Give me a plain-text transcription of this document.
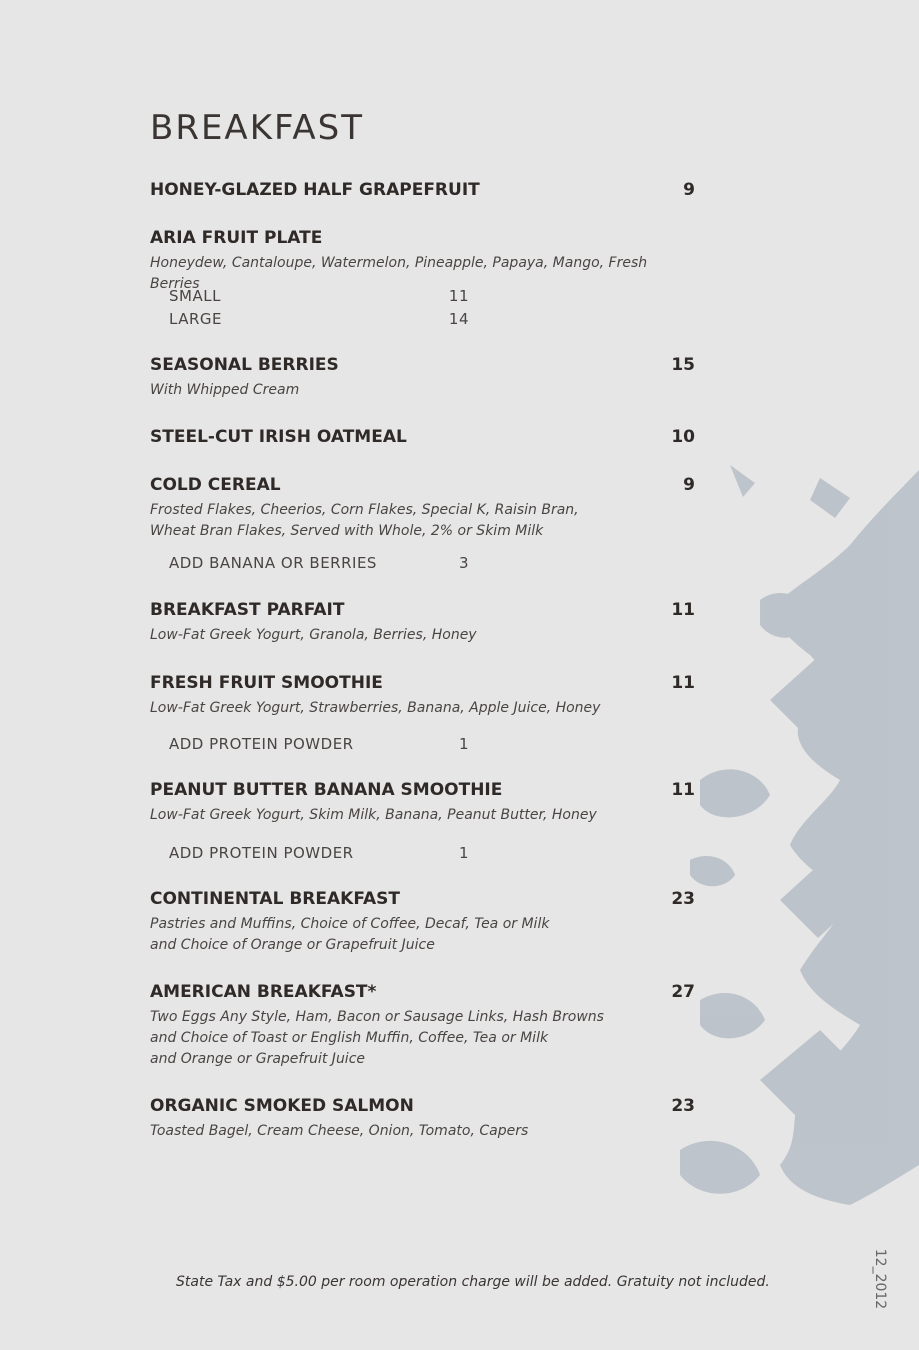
BREAKFAST
HONEY-GLAZED HALF GRAPEFRUIT	9
ARIA FRUIT PLATE
Honeydew, Cantaloupe, Watermelon, Pineapple, Papaya, Mango, Fresh Berries
SMALL	11
LARGE	14
SEASONAL BERRIES	15
With Whipped Cream
STEEL-CUT IRISH OATMEAL	10
COLD CEREAL	9
Frosted Flakes, Cheerios, Corn Flakes, Special K, Raisin Bran,
Wheat Bran Flakes, Served with Whole, 2% or Skim Milk
ADD BANANA OR BERRIES	3
BREAKFAST PARFAIT	11
Low-Fat Greek Yogurt, Granola, Berries, Honey
FRESH FRUIT SMOOTHIE	11
Low-Fat Greek Yogurt, Strawberries, Banana, Apple Juice, Honey
ADD PROTEIN POWDER	1
PEANUT BUTTER BANANA SMOOTHIE	11
Low-Fat Greek Yogurt, Skim Milk, Banana, Peanut Butter, Honey
ADD PROTEIN POWDER	1
CONTINENTAL BREAKFAST	23
Pastries and Muffins, Choice of Coffee, Decaf, Tea or Milk
and Choice of Orange or Grapefruit Juice
AMERICAN BREAKFAST*	27
Two Eggs Any Style, Ham, Bacon or Sausage Links, Hash Browns
and Choice of Toast or English Muffin, Coffee, Tea or Milk
and Orange or Grapefruit Juice
ORGANIC SMOKED SALMON	23
Toasted Bagel, Cream Cheese, Onion, Tomato, Capers
State Tax and $5.00 per room operation charge will be added. Gratuity not included.	12_2012
